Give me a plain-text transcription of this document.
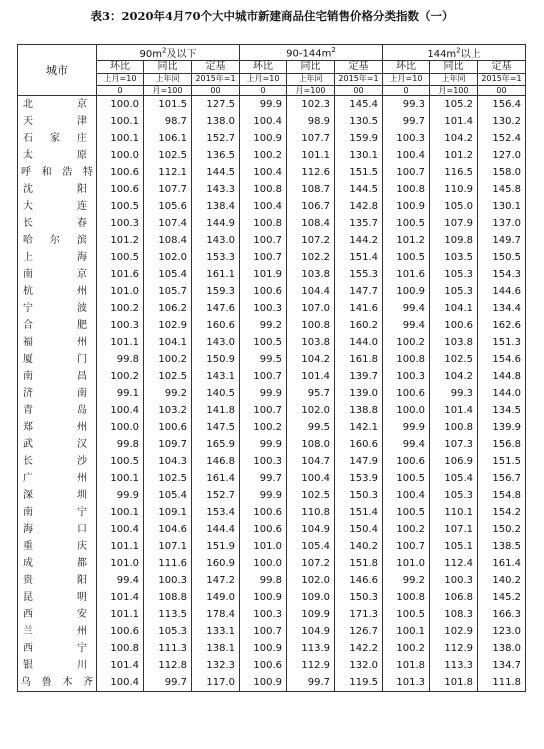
表3：2020年4月70个大中城市新建商品住宅销售价格分类指数（一）
城市	$90m^2$及以下			$90-144m^2$			$144m^2$以上		
	环比	同比	定基	环比	同比	定基	环比	同比	定基
	上月=10	上年同	2015年=1	上月=10	上年同	2015年=1	上月=10	上年同	2015年=1
	0	月=100	00	0	月=100	00	0	月=100	00
北京	100.0	101.5	127.5	99.9	102.3	145.4	99.3	105.2	156.4
天津	100.1	98.7	138.0	100.4	98.9	130.5	99.7	101.4	130.2
石家庄	100.1	106.1	152.7	100.9	107.7	159.9	100.3	104.2	152.4
太原	100.0	102.5	136.5	100.2	101.1	130.1	100.4	101.2	127.0
呼和浩特	100.6	112.1	144.5	100.4	112.6	151.5	100.7	116.5	158.0
沈阳	100.6	107.7	143.3	100.8	108.7	144.5	100.8	110.9	145.8
大连	100.5	105.6	138.4	100.4	106.7	142.8	100.9	105.0	130.1
长春	100.3	107.4	144.9	100.8	108.4	135.7	100.5	107.9	137.0
哈尔滨	101.2	108.4	143.0	100.7	107.2	144.2	101.2	109.8	149.7
上海	100.5	102.0	153.3	100.7	102.2	151.4	100.5	103.5	150.5
南京	101.6	105.4	161.1	101.9	103.8	155.3	101.6	105.3	154.3
杭州	101.0	105.7	159.3	100.6	104.4	147.7	100.9	105.3	144.6
宁波	100.2	106.2	147.6	100.3	107.0	141.6	99.4	104.1	134.4
合肥	100.3	102.9	160.6	99.2	100.8	160.2	99.4	100.6	162.6
福州	101.1	104.1	143.0	100.5	103.8	144.0	100.2	103.8	151.3
厦门	99.8	100.2	150.9	99.5	104.2	161.8	100.8	102.5	154.6
南昌	100.2	102.5	143.1	100.7	101.4	139.7	100.3	104.2	144.8
济南	99.1	99.2	140.5	99.9	95.7	139.0	100.6	99.3	144.0
青岛	100.4	103.2	141.8	100.7	102.0	138.8	100.0	101.4	134.5
郑州	100.0	100.6	147.5	100.2	99.5	142.1	99.9	100.8	139.9
武汉	99.8	109.7	165.9	99.9	108.0	160.6	99.4	107.3	156.8
长沙	100.5	104.3	146.8	100.3	104.7	147.9	100.6	106.9	151.5
广州	100.1	102.5	161.4	99.7	100.4	153.9	100.5	105.4	156.7
深圳	99.9	105.4	152.7	99.9	102.5	150.3	100.4	105.3	154.8
南宁	100.1	109.1	153.4	100.6	110.8	151.4	100.5	110.1	154.2
海口	100.4	104.6	144.4	100.6	104.9	150.4	100.2	107.1	150.2
重庆	101.1	107.1	151.9	101.0	105.4	140.2	100.7	105.1	138.5
成都	101.0	111.6	160.9	100.0	107.2	151.8	101.0	112.4	161.4
贵阳	99.4	100.3	147.2	99.8	102.0	146.6	99.2	100.3	140.2
昆明	101.4	108.8	149.0	100.9	109.0	150.3	100.8	106.8	145.2
西安	101.1	113.5	178.4	100.3	109.9	171.3	100.5	108.3	166.3
兰州	100.6	105.3	133.1	100.7	104.9	126.7	100.1	102.9	123.0
西宁	100.8	111.3	138.1	100.9	113.9	142.2	100.2	112.9	138.0
银川	101.4	112.8	132.3	100.6	112.9	132.0	101.8	113.3	134.7
乌鲁木齐	100.4	99.7	117.0	100.9	99.7	119.5	101.3	101.8	111.8
